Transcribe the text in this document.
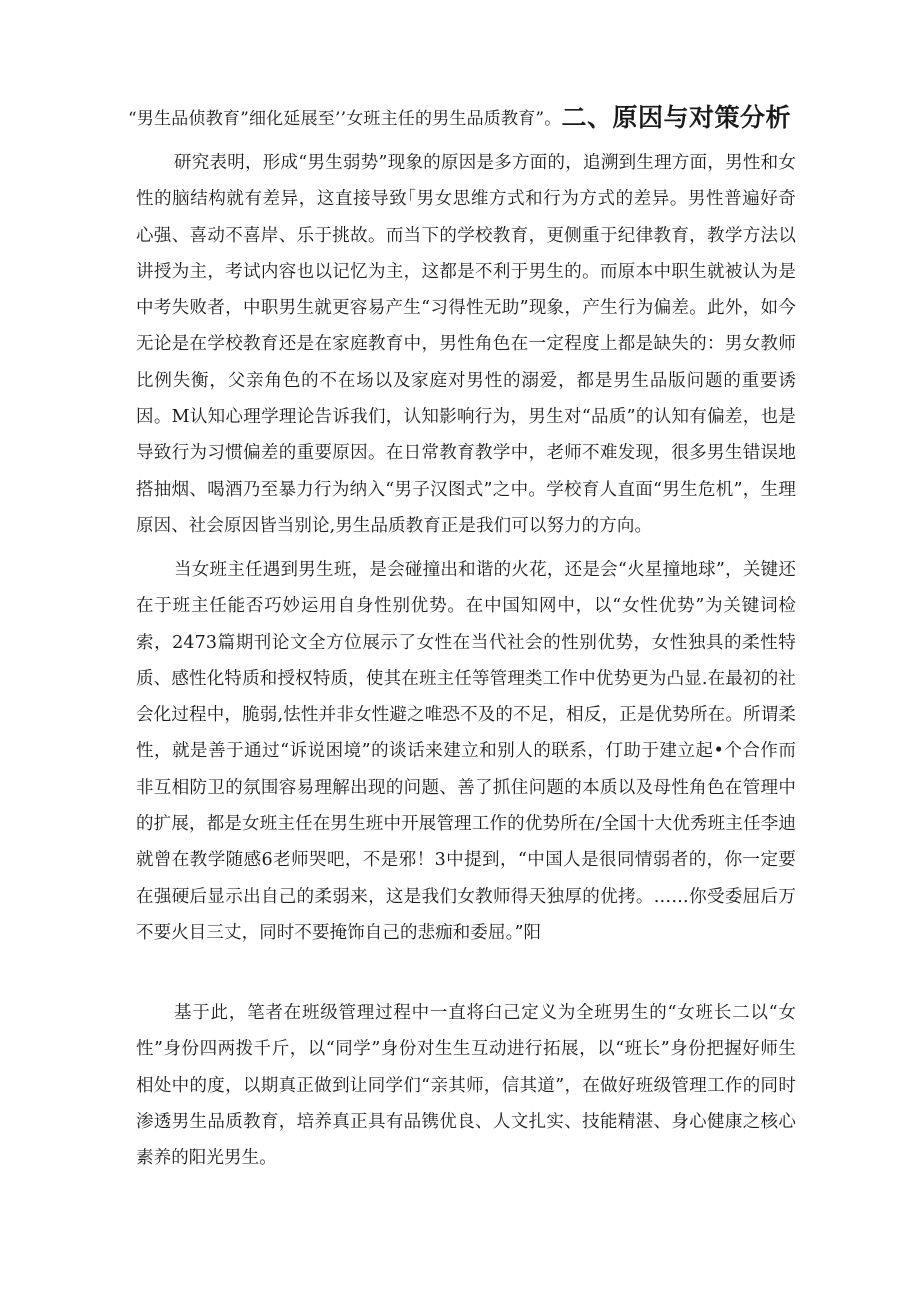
“男生品侦教育”细化延展至’’女班主任的男生品质教育”。二、原因与对策分析

研究表明，形成“男生弱势”现象的原因是多方面的，追溯到生理方面，男性和女性的脑结构就有差异，这直接导致｢男女思维方式和行为方式的差异。男性普遍好奇心强、喜动不喜岸、乐于挑故。而当下的学校教育，更侧重于纪律教育，教学方法以讲授为主，考试内容也以记忆为主，这都是不利于男生的。而原本中职生就被认为是中考失败者，中职男生就更容易产生“习得性无助”现象，产生行为偏差。此外，如今无论是在学校教育还是在家庭教育中，男性角色在一定程度上都是缺失的：男女教师比例失衡，父亲角色的不在场以及家庭对男性的溺爱，都是男生品版问题的重要诱因。M认知心理学理论告诉我们，认知影响行为，男生对“品质”的认知有偏差，也是导致行为习惯偏差的重要原因。在日常教育教学中，老师不难发现，很多男生错误地搭抽烟、喝酒乃至暴力行为纳入“男子汉图式”之中。学校育人直面“男生危机”，生理原因、社会原因皆当别论,男生品质教育正是我们可以努力的方向。

当女班主任遇到男生班，是会碰撞出和谐的火花，还是会“火星撞地球”，关键还在于班主任能否巧妙运用自身性别优势。在中国知网中，以“女性优势”为关键词检索，2473篇期刊论文全方位展示了女性在当代社会的性别优势，女性独具的柔性特质、感性化特质和授权特质，使其在班主任等管理类工作中优势更为凸显.在最初的社会化过程中，脆弱,怯性并非女性避之唯恐不及的不足，相反，正是优势所在。所谓柔性，就是善于通过“诉说困境”的谈话来建立和别人的联系，仃助于建立起•个合作而非互相防卫的氛围容易理解出现的问题、善了抓住问题的本质以及母性角色在管理中的扩展，都是女班主任在男生班中开展管理工作的优势所在/全国十大优秀班主任李迪就曾在教学随感6老师哭吧，不是邪！3中提到，“中国人是很同情弱者的，你一定要在强硬后显示出自己的柔弱来，这是我们女教师得天独厚的优拷。……你受委屈后万不要火目三丈，同时不要掩饰自己的悲痂和委屈。”阳

基于此，笔者在班级管理过程中一直将臼己定义为全班男生的“女班长二以“女性”身份四两拨千斤，以“同学”身份对生生互动进行拓展，以“班长”身份把握好师生相处中的度，以期真正做到让同学们“亲其师，信其道”，在做好班级管理工作的同时渗透男生品质教育，培养真正具有品镌优良、人文扎实、技能精湛、身心健康之核心素养的阳光男生。
